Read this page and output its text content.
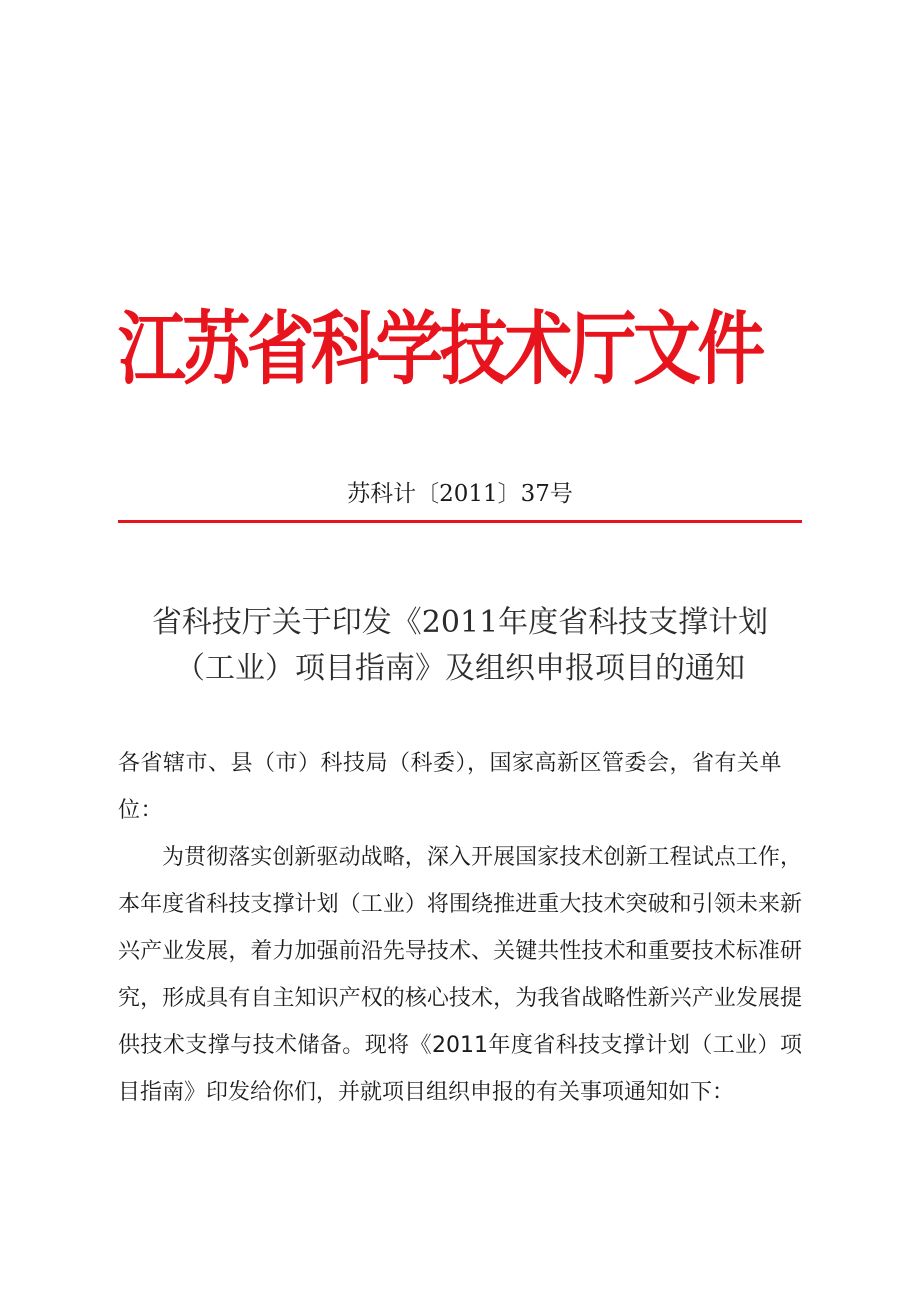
江苏省科学技术厅文件
苏科计〔2011〕37号
省科技厅关于印发《2011年度省科技支撑计划
（工业）项目指南》及组织申报项目的通知

各省辖市、县（市）科技局（科委），国家高新区管委会，省有关单位：

为贯彻落实创新驱动战略，深入开展国家技术创新工程试点工作，本年度省科技支撑计划（工业）将围绕推进重大技术突破和引领未来新兴产业发展，着力加强前沿先导技术、关键共性技术和重要技术标准研究，形成具有自主知识产权的核心技术，为我省战略性新兴产业发展提供技术支撑与技术储备。现将《2011年度省科技支撑计划（工业）项目指南》印发给你们，并就项目组织申报的有关事项通知如下：
